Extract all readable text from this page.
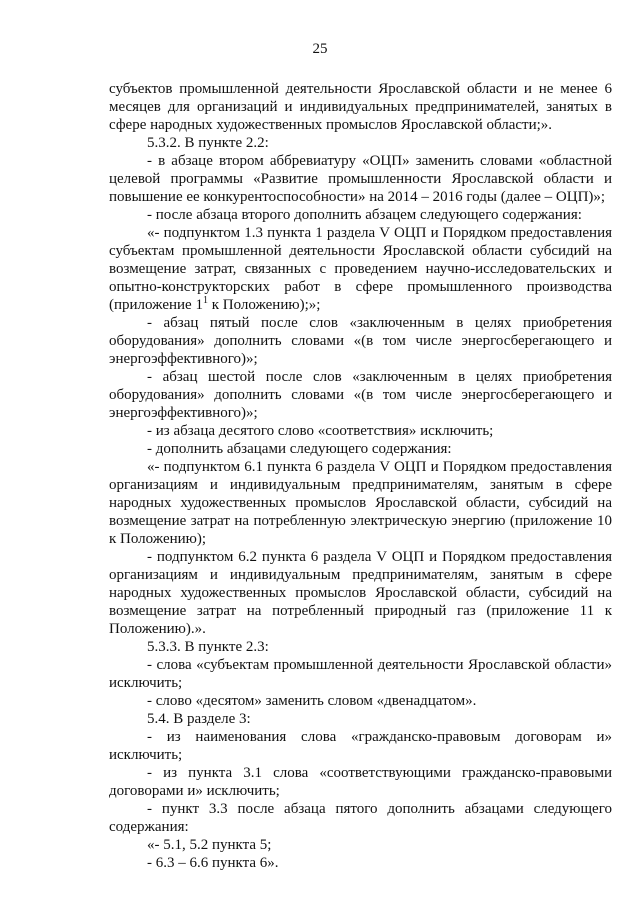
25

субъектов промышленной деятельности Ярославской области и не менее 6 месяцев для организаций и индивидуальных предпринимателей, занятых в сфере народных художественных промыслов Ярославской области;».

5.3.2. В пункте 2.2:

- в абзаце втором аббревиатуру «ОЦП» заменить словами «областной целевой программы «Развитие промышленности Ярославской области и повышение ее конкурентоспособности» на 2014 – 2016 годы (далее – ОЦП)»;

- после абзаца второго дополнить абзацем следующего содержания:

«- подпунктом 1.3 пункта 1 раздела V ОЦП и Порядком предоставления субъектам промышленной деятельности Ярославской области субсидий на возмещение затрат, связанных с проведением научно-исследовательских и опытно-конструкторских работ в сфере промышленного производства (приложение $1^1$ к Положению);»;

- абзац пятый после слов «заключенным в целях приобретения оборудования» дополнить словами «(в том числе энергосберегающего и энергоэффективного)»;

- абзац шестой после слов «заключенным в целях приобретения оборудования» дополнить словами «(в том числе энергосберегающего и энергоэффективного)»;

- из абзаца десятого слово «соответствия» исключить;

- дополнить абзацами следующего содержания:

«- подпунктом 6.1 пункта 6 раздела V ОЦП и Порядком предоставления организациям и индивидуальным предпринимателям, занятым в сфере народных художественных промыслов Ярославской области, субсидий на возмещение затрат на потребленную электрическую энергию (приложение 10 к Положению);

- подпунктом 6.2 пункта 6 раздела V ОЦП и Порядком предоставления организациям и индивидуальным предпринимателям, занятым в сфере народных художественных промыслов Ярославской области, субсидий на возмещение затрат на потребленный природный газ (приложение 11 к Положению).».

5.3.3. В пункте 2.3:

- слова «субъектам промышленной деятельности Ярославской области» исключить;

- слово «десятом» заменить словом «двенадцатом».

5.4. В разделе 3:

- из наименования слова «гражданско-правовым договорам и» исключить;

- из пункта 3.1 слова «соответствующими гражданско-правовыми договорами и» исключить;

- пункт 3.3 после абзаца пятого дополнить абзацами следующего содержания:

«- 5.1, 5.2 пункта 5;

- 6.3 – 6.6 пункта 6».
